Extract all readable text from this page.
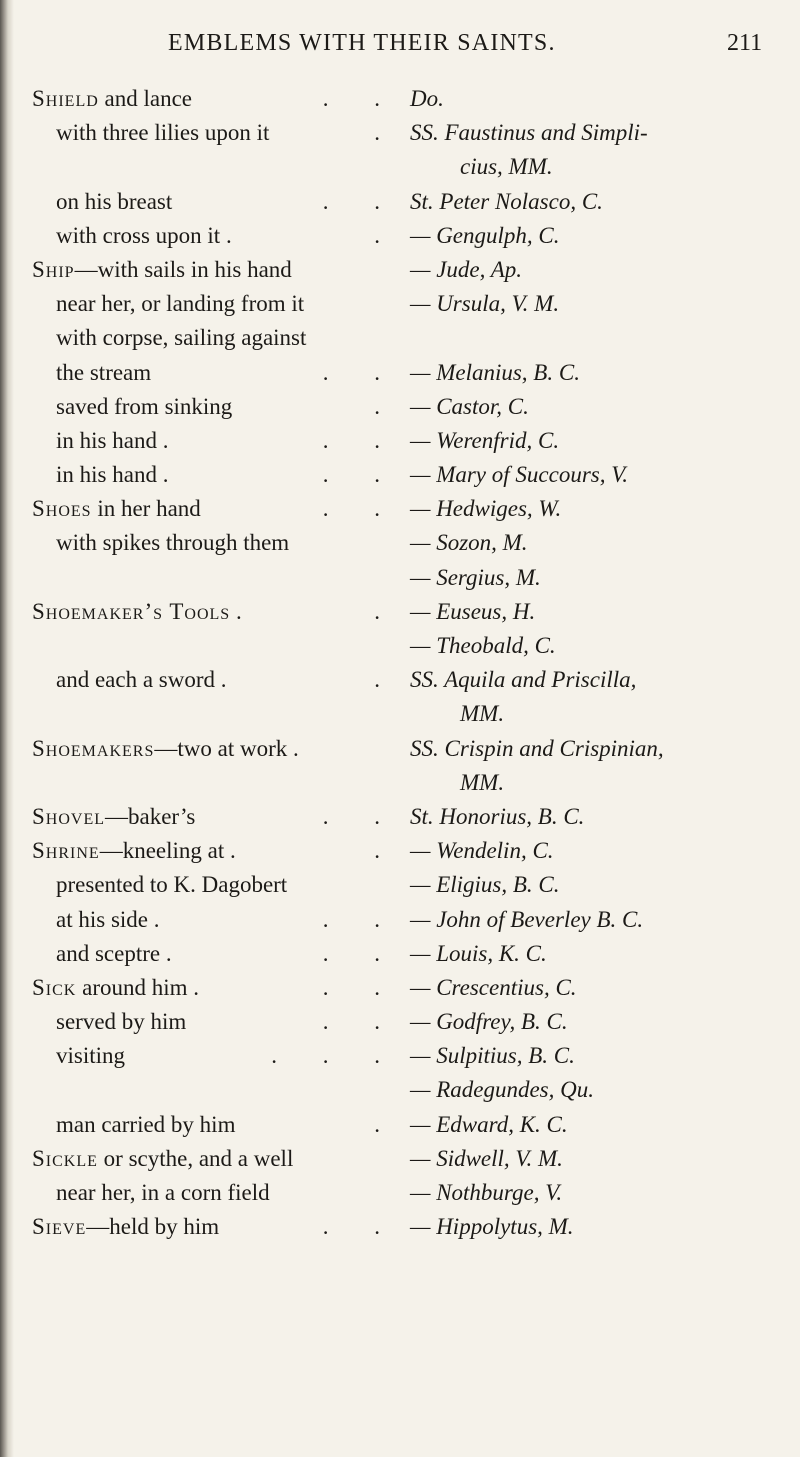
EMBLEMS WITH THEIR SAINTS.	211
Shield and lance	. . Do.
with three lilies upon it	. SS. Faustinus and Simpli-
cius, MM.
on his breast	. . St. Peter Nolasco, C.
with cross upon it .	. — Gengulph, C.
Ship—with sails in his hand	— Jude, Ap.
near her, or landing from it	— Ursula, V. M.
with corpse, sailing against
the stream	. . — Melanius, B. C.
saved from sinking	. — Castor, C.
in his hand .	. . — Werenfrid, C.
in his hand .	. . — Mary of Succours, V.
Shoes in her hand	. . — Hedwiges, W.
with spikes through them	— Sozon, M.
— Sergius, M.
Shoemaker’s Tools .	. — Euseus, H.
— Theobald, C.
and each a sword .	. SS. Aquila and Priscilla,
MM.
Shoemakers—two at work .	SS. Crispin and Crispinian,
MM.
Shovel—baker’s	. . St. Honorius, B. C.
Shrine—kneeling at .	. — Wendelin, C.
presented to K. Dagobert	— Eligius, B. C.
at his side .	. . — John of Beverley B. C.
and sceptre .	. . — Louis, K. C.
Sick around him .	. . — Crescentius, C.
served by him	. . — Godfrey, B. C.
visiting	. . . — Sulpitius, B. C.
— Radegundes, Qu.
man carried by him	. — Edward, K. C.
Sickle or scythe, and a well	— Sidwell, V. M.
near her, in a corn field	— Nothburge, V.
Sieve—held by him	. . — Hippolytus, M.
